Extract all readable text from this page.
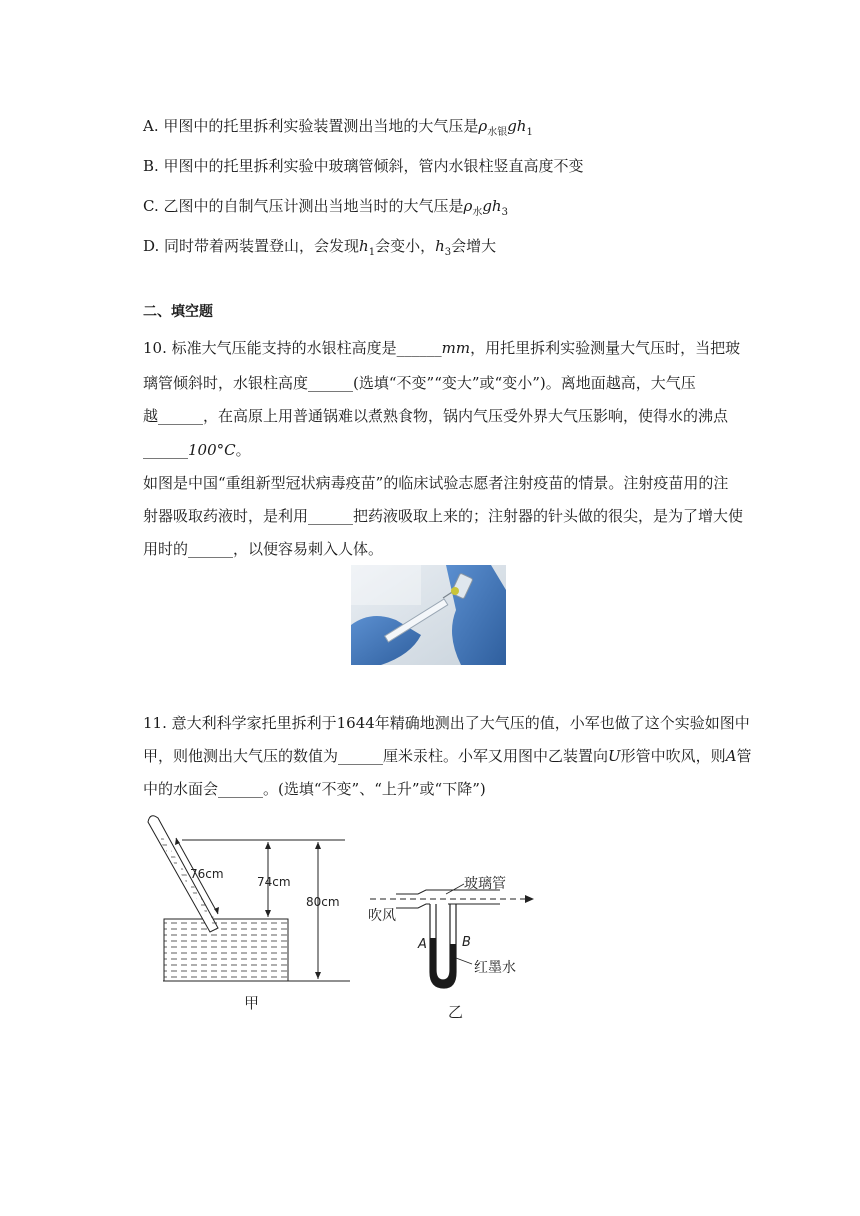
A. 甲图中的托里拆利实验装置测出当地的大气压是$\rho_{水银}gh_1$
B. 甲图中的托里拆利实验中玻璃管倾斜，管内水银柱竖直高度不变
C. 乙图中的自制气压计测出当地当时的大气压是$\rho_水gh_3$
D. 同时带着两装置登山，会发现$h_1$会变小，$h_3$会增大
二、填空题
10. 标准大气压能支持的水银柱高度是______mm，用托里拆利实验测量大气压时，当把玻
璃管倾斜时，水银柱高度______(选填“不变”“变大”或“变小”)。离地面越高，大气压
越______，在高原上用普通锅难以煮熟食物，锅内气压受外界大气压影响，使得水的沸点
______100°C。
如图是中国“重组新型冠状病毒疫苗”的临床试验志愿者注射疫苗的情景。注射疫苗用的注
射器吸取药液时，是利用______把药液吸取上来的；注射器的针头做的很尖，是为了增大使
用时的______，以便容易刺入人体。
11. 意大利科学家托里拆利于1644年精确地测出了大气压的值，小军也做了这个实验如图中
甲，则他测出大气压的数值为______厘米汞柱。小军又用图中乙装置向U形管中吹风，则A管
中的水面会______。(选填“不变”、“上升”或“下降”)
76cm
74cm
80cm
甲
玻璃管
吹风
A	B
红墨水
乙
